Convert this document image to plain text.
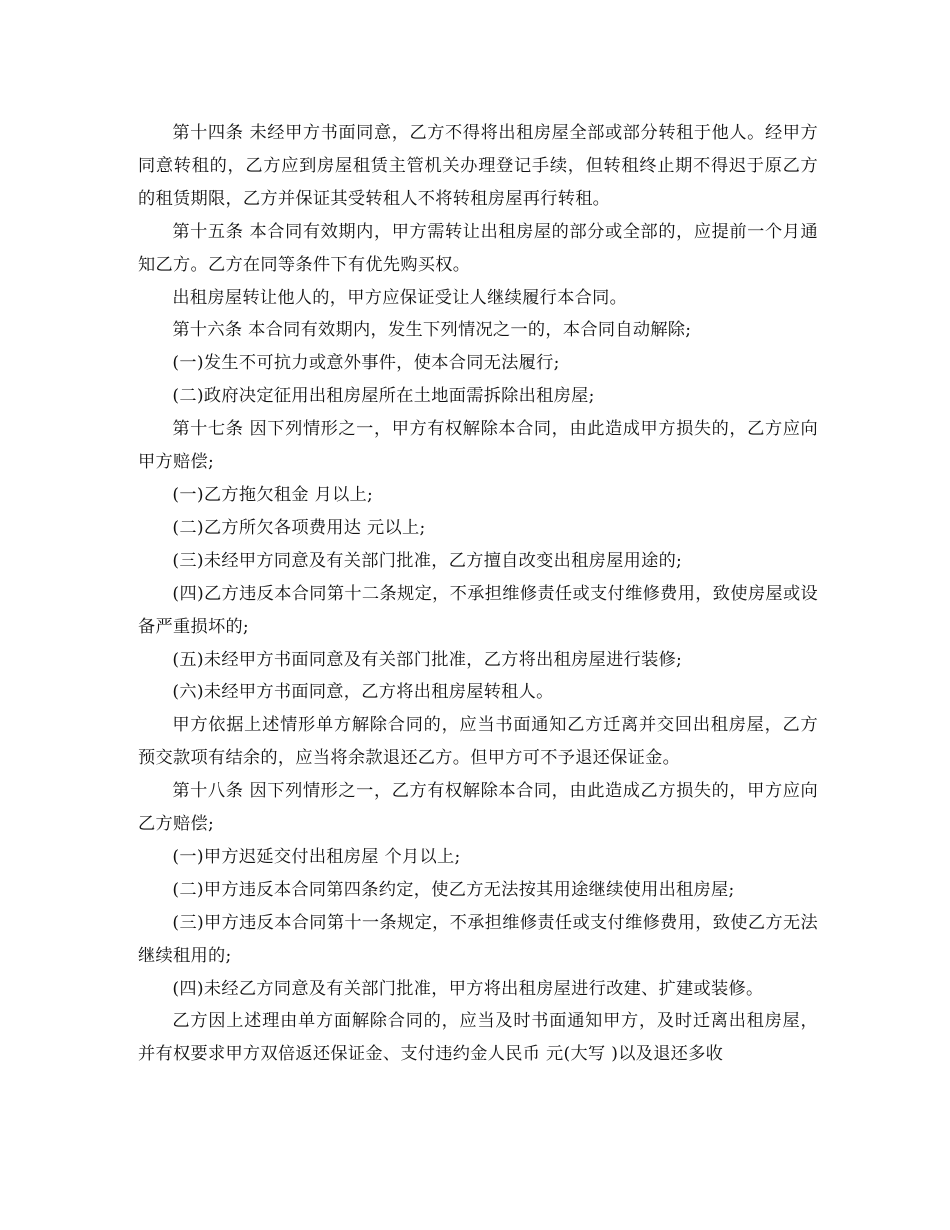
第十四条 未经甲方书面同意，乙方不得将出租房屋全部或部分转租于他人。经甲方同意转租的，乙方应到房屋租赁主管机关办理登记手续，但转租终止期不得迟于原乙方的租赁期限，乙方并保证其受转租人不将转租房屋再行转租。

第十五条 本合同有效期内，甲方需转让出租房屋的部分或全部的，应提前一个月通知乙方。乙方在同等条件下有优先购买权。

出租房屋转让他人的，甲方应保证受让人继续履行本合同。

第十六条 本合同有效期内，发生下列情况之一的，本合同自动解除;

(一)发生不可抗力或意外事件，使本合同无法履行;

(二)政府决定征用出租房屋所在土地面需拆除出租房屋;

第十七条 因下列情形之一，甲方有权解除本合同，由此造成甲方损失的，乙方应向甲方赔偿;

(一)乙方拖欠租金 月以上;

(二)乙方所欠各项费用达 元以上;

(三)未经甲方同意及有关部门批准，乙方擅自改变出租房屋用途的;

(四)乙方违反本合同第十二条规定，不承担维修责任或支付维修费用，致使房屋或设备严重损坏的;

(五)未经甲方书面同意及有关部门批准，乙方将出租房屋进行装修;

(六)未经甲方书面同意，乙方将出租房屋转租人。

甲方依据上述情形单方解除合同的，应当书面通知乙方迁离并交回出租房屋，乙方预交款项有结余的，应当将余款退还乙方。但甲方可不予退还保证金。

第十八条 因下列情形之一，乙方有权解除本合同，由此造成乙方损失的，甲方应向乙方赔偿;

(一)甲方迟延交付出租房屋 个月以上;

(二)甲方违反本合同第四条约定，使乙方无法按其用途继续使用出租房屋;

(三)甲方违反本合同第十一条规定，不承担维修责任或支付维修费用，致使乙方无法继续租用的;

(四)未经乙方同意及有关部门批准，甲方将出租房屋进行改建、扩建或装修。

乙方因上述理由单方面解除合同的，应当及时书面通知甲方，及时迁离出租房屋，并有权要求甲方双倍返还保证金、支付违约金人民币 元(大写 )以及退还多收
